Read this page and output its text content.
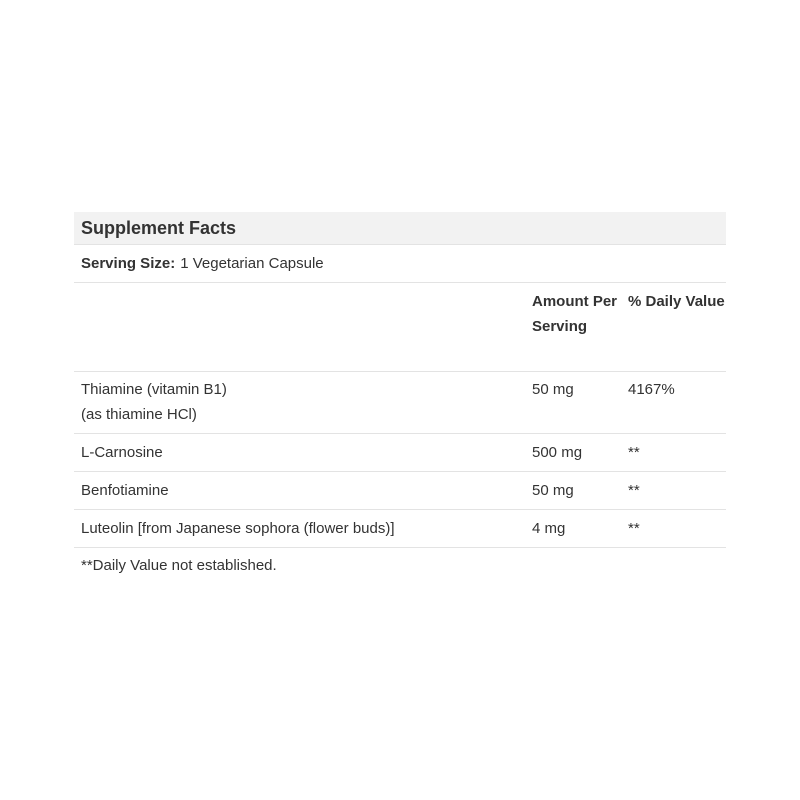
Supplement Facts
Serving Size: 1 Vegetarian Capsule
	Amount Per Serving	% Daily Value

Thiamine (vitamin B1)
(as thiamine HCl)	50 mg	4167%
L-Carnosine	500 mg	**
Benfotiamine	50 mg	**
Luteolin [from Japanese sophora (flower buds)]	4 mg	**
**Daily Value not established.
